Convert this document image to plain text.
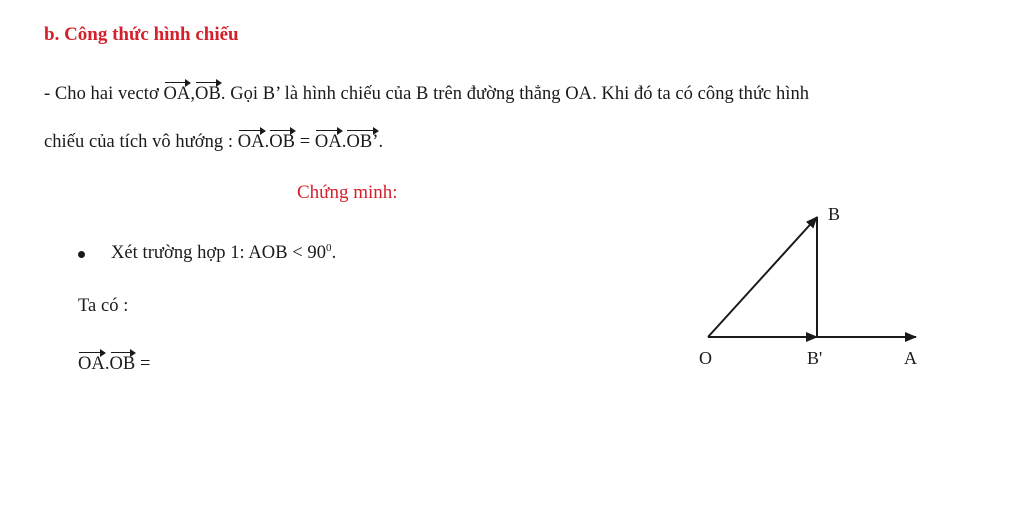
b. Công thức hình chiếu
- Cho hai vectơ OA,OB. Gọi B’ là hình chiếu của B trên đường thẳng OA. Khi đó ta có công thức hình
chiếu của tích vô hướng : OA.OB = OA.OB’.
Chứng minh:
Xét trường hợp 1: AOB < $90^0$.
Ta có :
OA.OB =	O	B'	A
B
